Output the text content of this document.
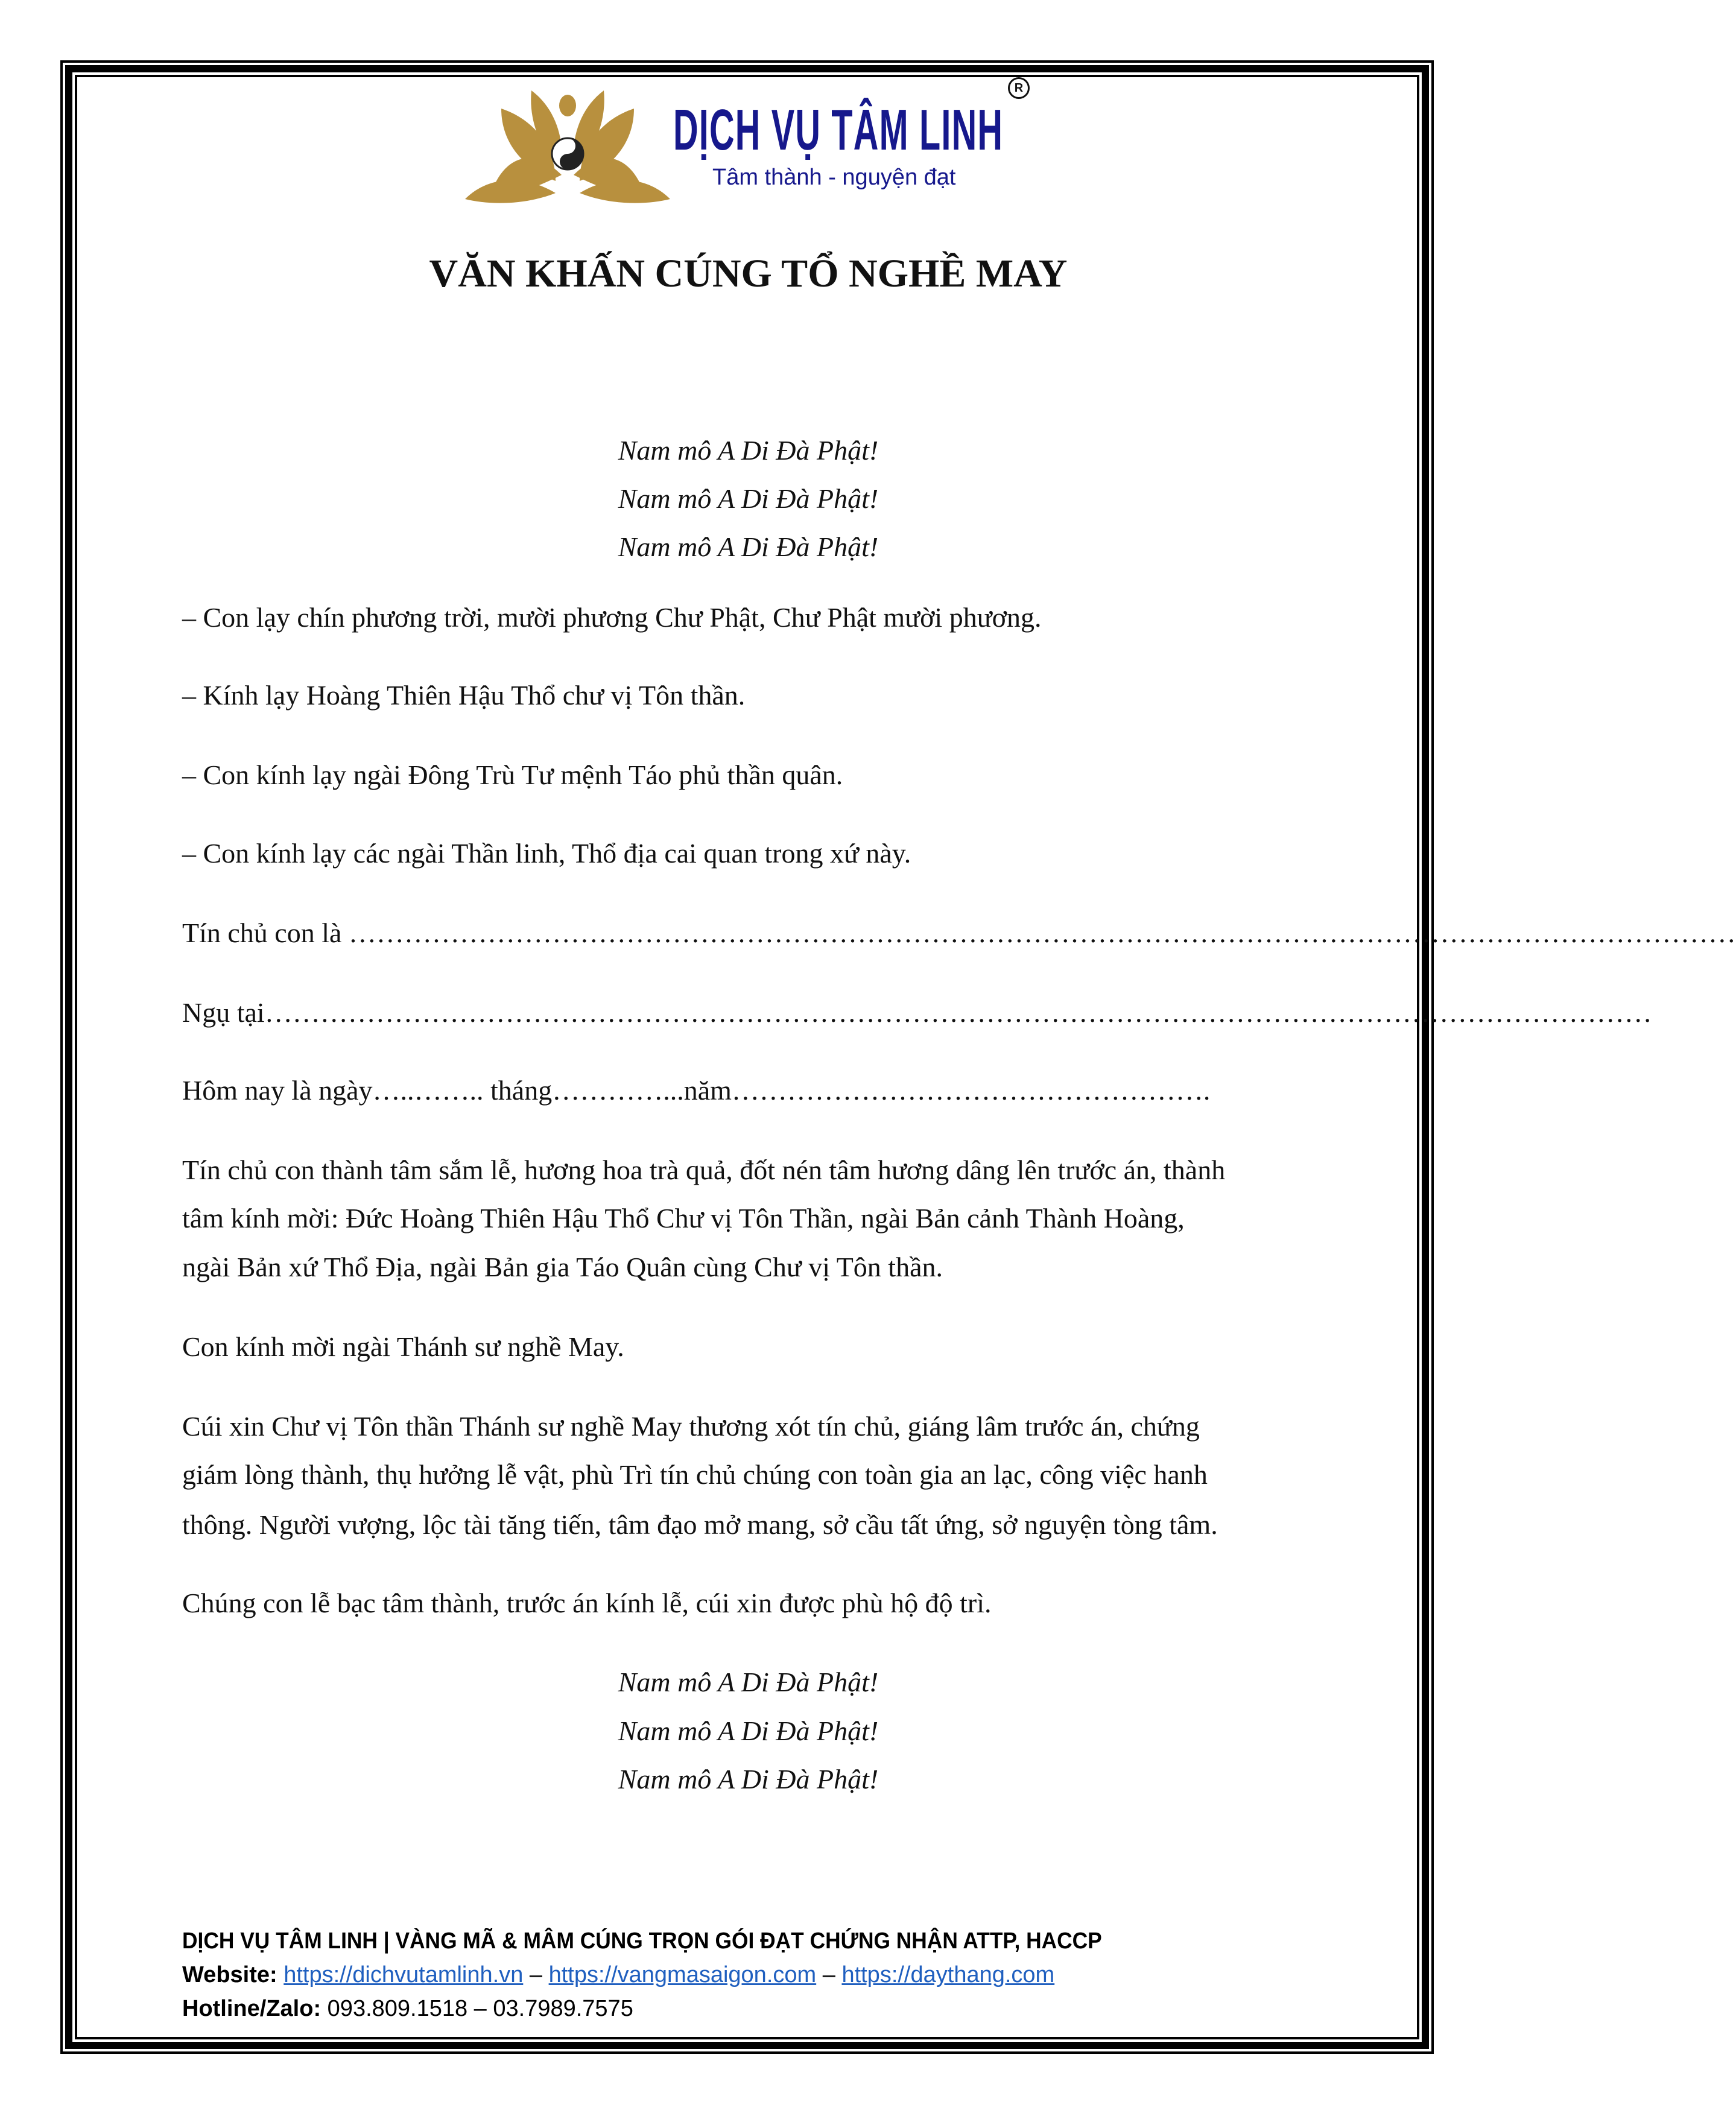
DỊCH VỤ TÂM LINH
Tâm thành - nguyện đạt
R
VĂN KHẤN CÚNG TỔ NGHỀ MAY
Nam mô A Di Đà Phật!
Nam mô A Di Đà Phật!
Nam mô A Di Đà Phật!
– Con lạy chín phương trời, mười phương Chư Phật, Chư Phật mười phương.
– Kính lạy Hoàng Thiên Hậu Thổ chư vị Tôn thần.
– Con kính lạy ngài Đông Trù Tư mệnh Táo phủ thần quân.
– Con kính lạy các ngài Thần linh, Thổ địa cai quan trong xứ này.
Tín chủ con là ……………………………………………………………………………………………………………………………………
Ngụ tại……………………………………………………………………………………………………………………………………
Hôm nay là ngày…..…….. tháng…………...năm…………………………………………….
Tín chủ con thành tâm sắm lễ, hương hoa trà quả, đốt nén tâm hương dâng lên trước án, thành
tâm kính mời: Đức Hoàng Thiên Hậu Thổ Chư vị Tôn Thần, ngài Bản cảnh Thành Hoàng,
ngài Bản xứ Thổ Địa, ngài Bản gia Táo Quân cùng Chư vị Tôn thần.
Con kính mời ngài Thánh sư nghề May.
Cúi xin Chư vị Tôn thần Thánh sư nghề May thương xót tín chủ, giáng lâm trước án, chứng
giám lòng thành, thụ hưởng lễ vật, phù Trì tín chủ chúng con toàn gia an lạc, công việc hanh
thông. Người vượng, lộc tài tăng tiến, tâm đạo mở mang, sở cầu tất ứng, sở nguyện tòng tâm.
Chúng con lễ bạc tâm thành, trước án kính lễ, cúi xin được phù hộ độ trì.
Nam mô A Di Đà Phật!
Nam mô A Di Đà Phật!
Nam mô A Di Đà Phật!
DỊCH VỤ TÂM LINH | VÀNG MÃ & MÂM CÚNG TRỌN GÓI ĐẠT CHỨNG NHẬN ATTP, HACCP
Website: https://dichvutamlinh.vn – https://vangmasaigon.com – https://daythang.com
Hotline/Zalo: 093.809.1518 – 03.7989.7575
